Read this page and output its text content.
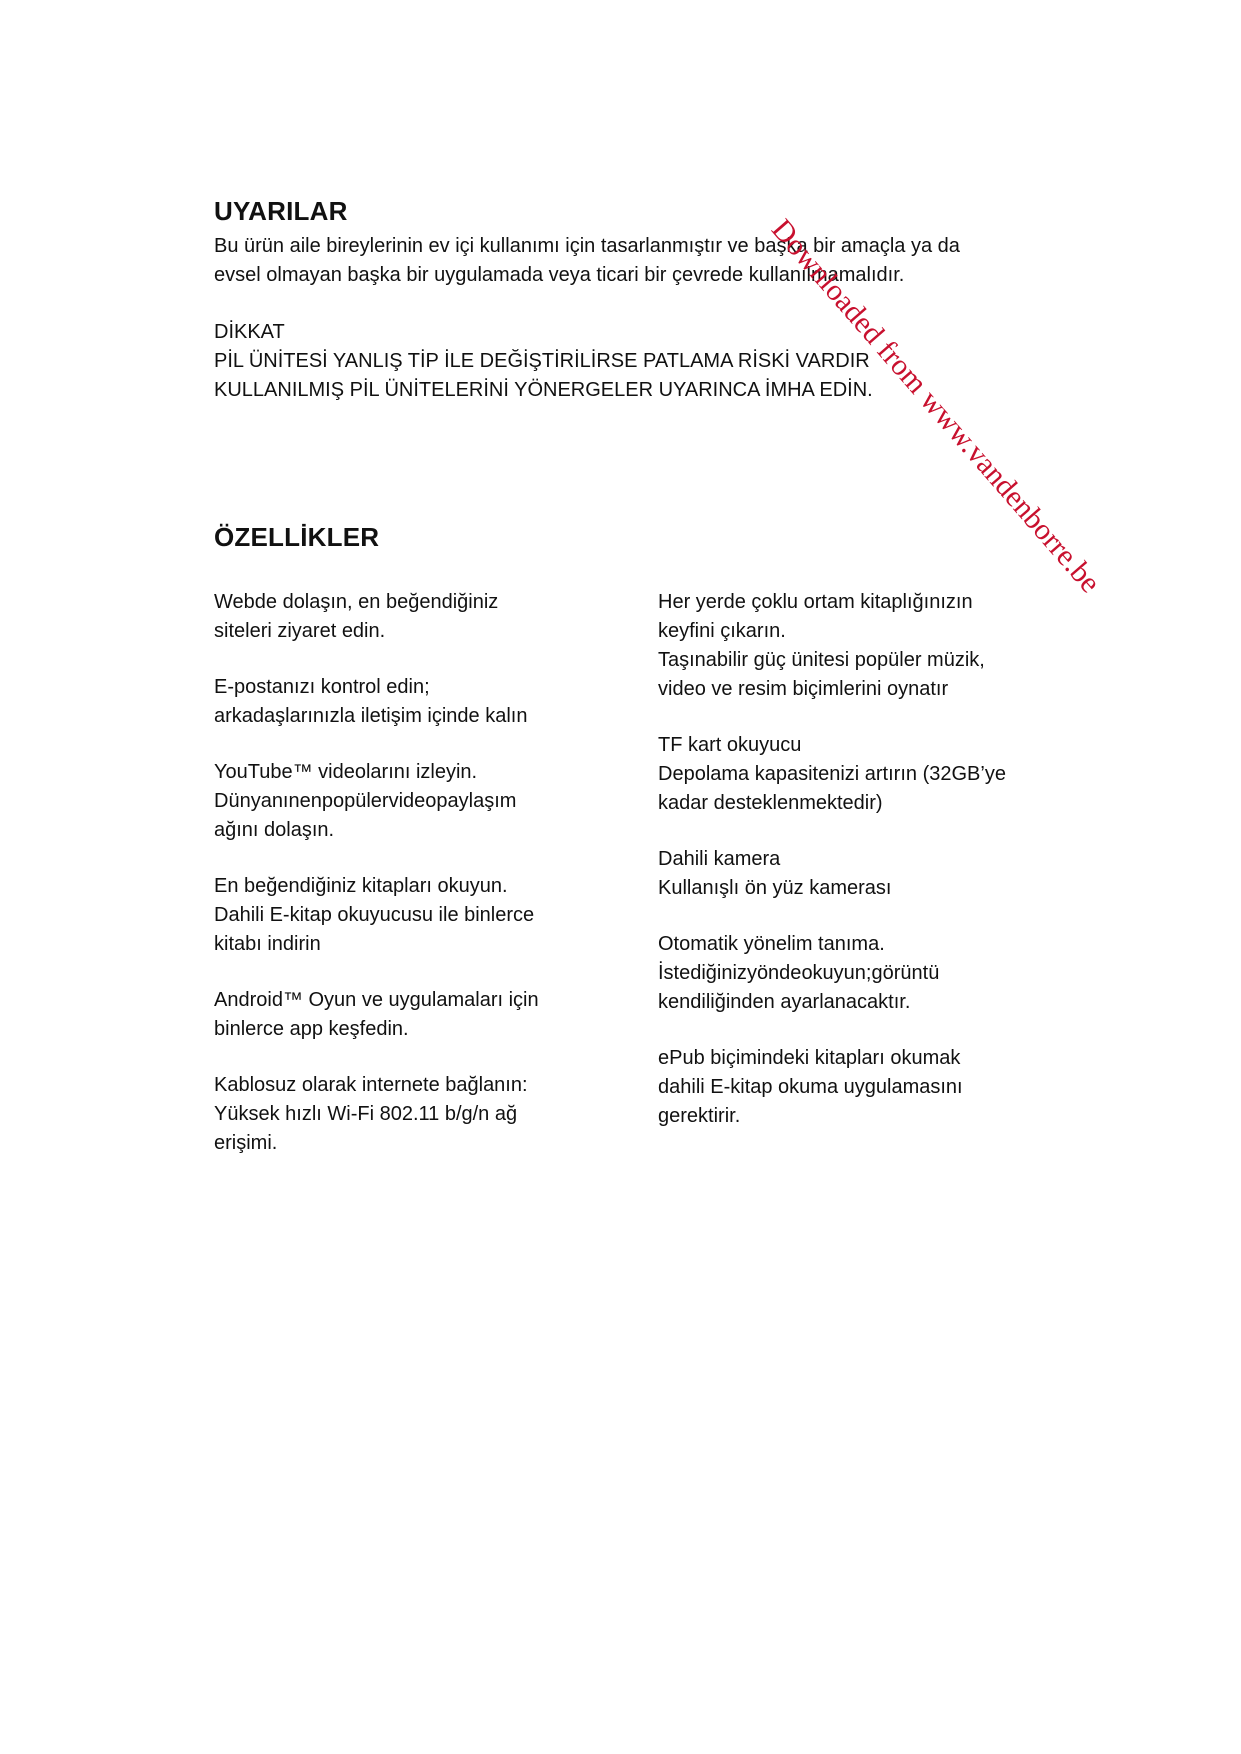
UYARILAR
Bu ürün aile bireylerinin ev içi kullanımı için tasarlanmıştır ve başka bir amaçla ya da
evsel olmayan başka bir uygulamada veya ticari bir çevrede kullanılmamalıdır.
DİKKAT
PİL ÜNİTESİ YANLIŞ TİP İLE DEĞİŞTİRİLİRSE PATLAMA RİSKİ VARDIR
KULLANILMIŞ PİL ÜNİTELERİNİ YÖNERGELER UYARINCA İMHA EDİN.
ÖZELLİKLER
Webde dolaşın, en beğendiğiniz
siteleri ziyaret edin.
E-postanızı kontrol edin;
arkadaşlarınızla iletişim içinde kalın
YouTube™ videolarını izleyin.
Dünyanınenpopülervideopaylaşım
ağını dolaşın.
En beğendiğiniz kitapları okuyun.
Dahili E-kitap okuyucusu ile binlerce
kitabı indirin
Android™ Oyun ve uygulamaları için
binlerce app keşfedin.
Kablosuz olarak internete bağlanın:
Yüksek hızlı Wi-Fi 802.11 b/g/n ağ
erişimi.
Her yerde çoklu ortam kitaplığınızın
keyfini çıkarın.
Taşınabilir güç ünitesi popüler müzik,
video ve resim biçimlerini oynatır
TF kart okuyucu
Depolama kapasitenizi artırın (32GB’ye
kadar desteklenmektedir)
Dahili kamera
Kullanışlı ön yüz kamerası
Otomatik yönelim tanıma.
İstediğinizyöndeokuyun;görüntü
kendiliğinden ayarlanacaktır.
ePub biçimindeki kitapları okumak
dahili E-kitap okuma uygulamasını
gerektirir.
Downloaded from www.vandenborre.be
